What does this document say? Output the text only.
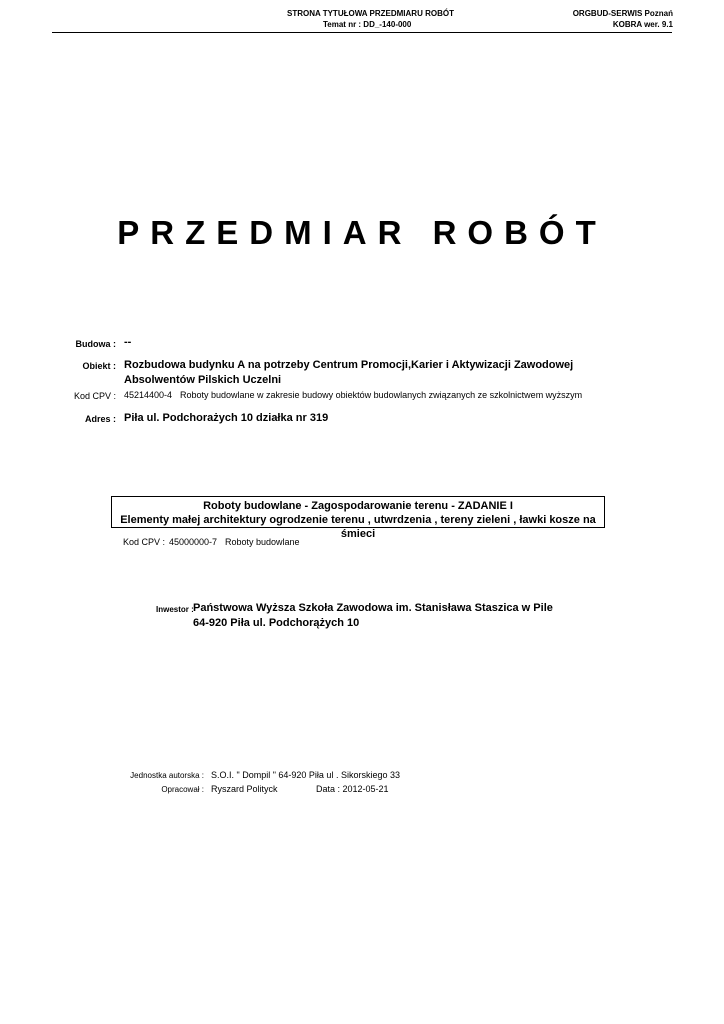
STRONA TYTUŁOWA PRZEDMIARU ROBÓT
Temat nr : DD_-140-000
ORGBUD-SERWIS Poznań
KOBRA wer. 9.1
PRZEDMIAR ROBÓT
Budowa : --
Obiekt : Rozbudowa budynku A na potrzeby Centrum Promocji,Karier i Aktywizacji Zawodowej
Absolwentów Pilskich Uczelni
Kod CPV : 45214400-4 Roboty budowlane w zakresie budowy obiektów budowlanych związanych ze szkolnictwem wyższym
Adres : Piła ul. Podchorażych 10 działka nr 319
Roboty budowlane - Zagospodarowanie terenu - ZADANIE I
Elementy małej architektury ogrodzenie terenu , utwrdzenia , tereny zieleni , ławki kosze na śmieci
Kod CPV : 45000000-7 Roboty budowlane
Inwestor : Państwowa Wyższa Szkoła Zawodowa im. Stanisława Staszica w Pile
64-920 Piła ul. Podchorążych 10
Jednostka autorska : S.O.I. " Dompil " 64-920 Piła ul . Sikorskiego 33
Opracował : Ryszard Polityck	Data : 2012-05-21
